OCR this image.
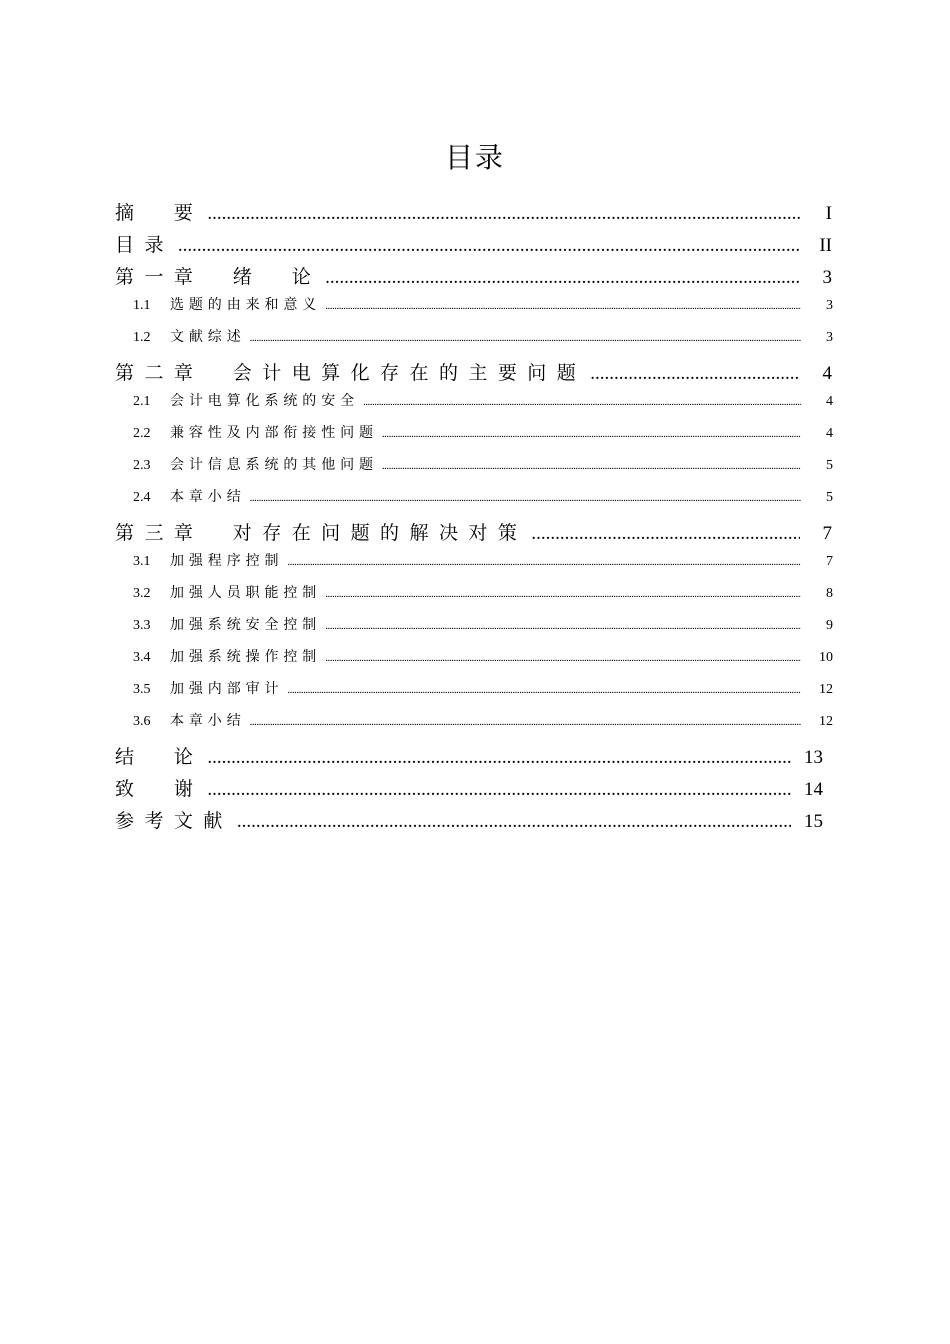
目录
摘　要 .....	I
目录 .....	II
第一章　绪　论 .....	3
1.1	选题的由来和意义 .....	3
1.2	文献综述 .....	3
第二章　会计电算化存在的主要问题 .....	4
2.1	会计电算化系统的安全 .....	4
2.2	兼容性及内部衔接性问题 .....	4
2.3	会计信息系统的其他问题 .....	5
2.4	本章小结 .....	5
第三章　对存在问题的解决对策 .....	7
3.1	加强程序控制 .....	7
3.2	加强人员职能控制 .....	8
3.3	加强系统安全控制 .....	9
3.4	加强系统操作控制 .....	10
3.5	加强内部审计 .....	12
3.6	本章小结 .....	12
结　论 .....	13
致　谢 .....	14
参考文献 .....	15
